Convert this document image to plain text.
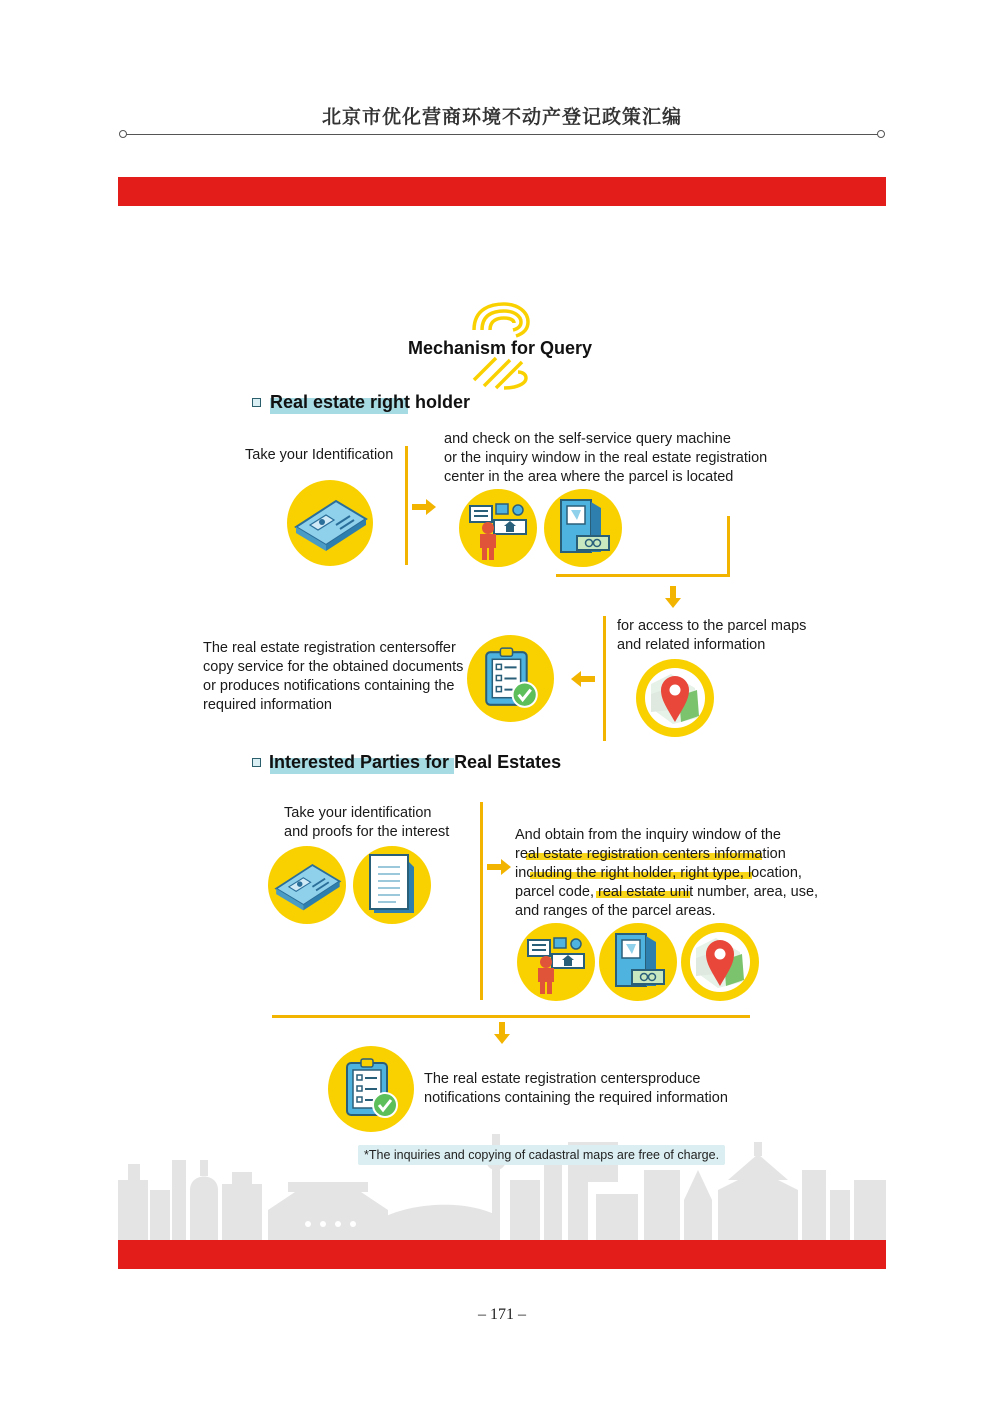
北京市优化营商环境不动产登记政策汇编
Mechanism for Query
Real estate right holder
Take your Identification
and check on the self-service query machine
or the inquiry window in the real estate registration
center in the area where the parcel is located
for access to the parcel maps
and related information
The real estate registration centersoffer
copy service for the obtained documents
or produces notifications containing the
required information
Interested Parties for Real Estates
Take your identification
and proofs for the interest	And obtain from the inquiry window of the
real estate registration centers information
including the right holder, right type, location,
parcel code, real estate unit number, area, use,
and ranges of the parcel areas.
The real estate registration centersproduce
notifications containing the required information
*The inquiries and copying of cadastral maps are free of charge.
– 171 –
